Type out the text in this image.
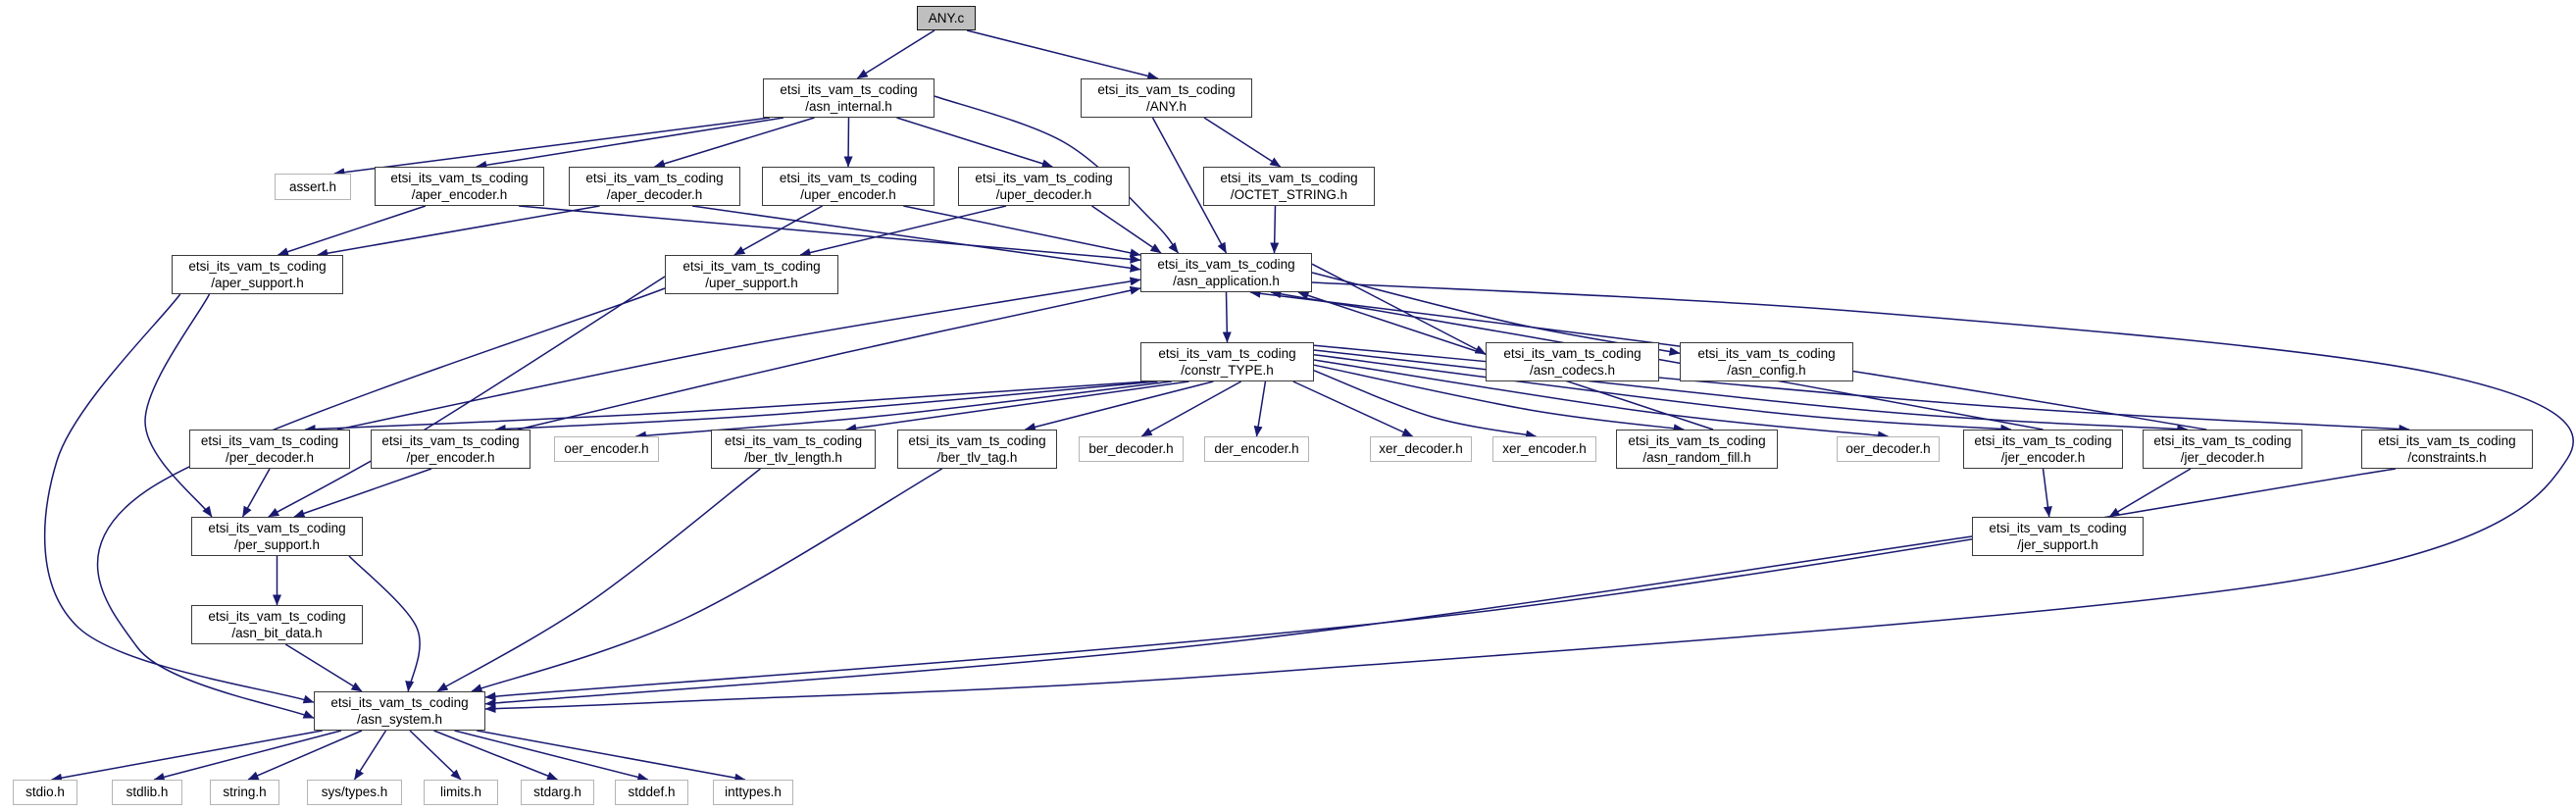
ANY.c
etsi_its_vam_ts_coding
/asn_internal.h
etsi_its_vam_ts_coding
/ANY.h
assert.h
etsi_its_vam_ts_coding
/aper_encoder.h
etsi_its_vam_ts_coding
/aper_decoder.h
etsi_its_vam_ts_coding
/uper_encoder.h
etsi_its_vam_ts_coding
/uper_decoder.h
etsi_its_vam_ts_coding
/OCTET_STRING.h
etsi_its_vam_ts_coding
/aper_support.h
etsi_its_vam_ts_coding
/uper_support.h
etsi_its_vam_ts_coding
/asn_application.h
etsi_its_vam_ts_coding
/constr_TYPE.h
etsi_its_vam_ts_coding
/asn_codecs.h
etsi_its_vam_ts_coding
/asn_config.h
etsi_its_vam_ts_coding
/per_decoder.h
etsi_its_vam_ts_coding
/per_encoder.h
oer_encoder.h
etsi_its_vam_ts_coding
/ber_tlv_length.h
etsi_its_vam_ts_coding
/ber_tlv_tag.h
ber_decoder.h	der_encoder.h	xer_decoder.h	xer_encoder.h
etsi_its_vam_ts_coding
/asn_random_fill.h
oer_decoder.h
etsi_its_vam_ts_coding
/jer_encoder.h
etsi_its_vam_ts_coding
/jer_decoder.h
etsi_its_vam_ts_coding
/constraints.h
etsi_its_vam_ts_coding
/per_support.h
etsi_its_vam_ts_coding
/jer_support.h
etsi_its_vam_ts_coding
/asn_bit_data.h
etsi_its_vam_ts_coding
/asn_system.h
stdio.h	stdlib.h	string.h	sys/types.h	limits.h	stdarg.h	stddef.h	inttypes.h
